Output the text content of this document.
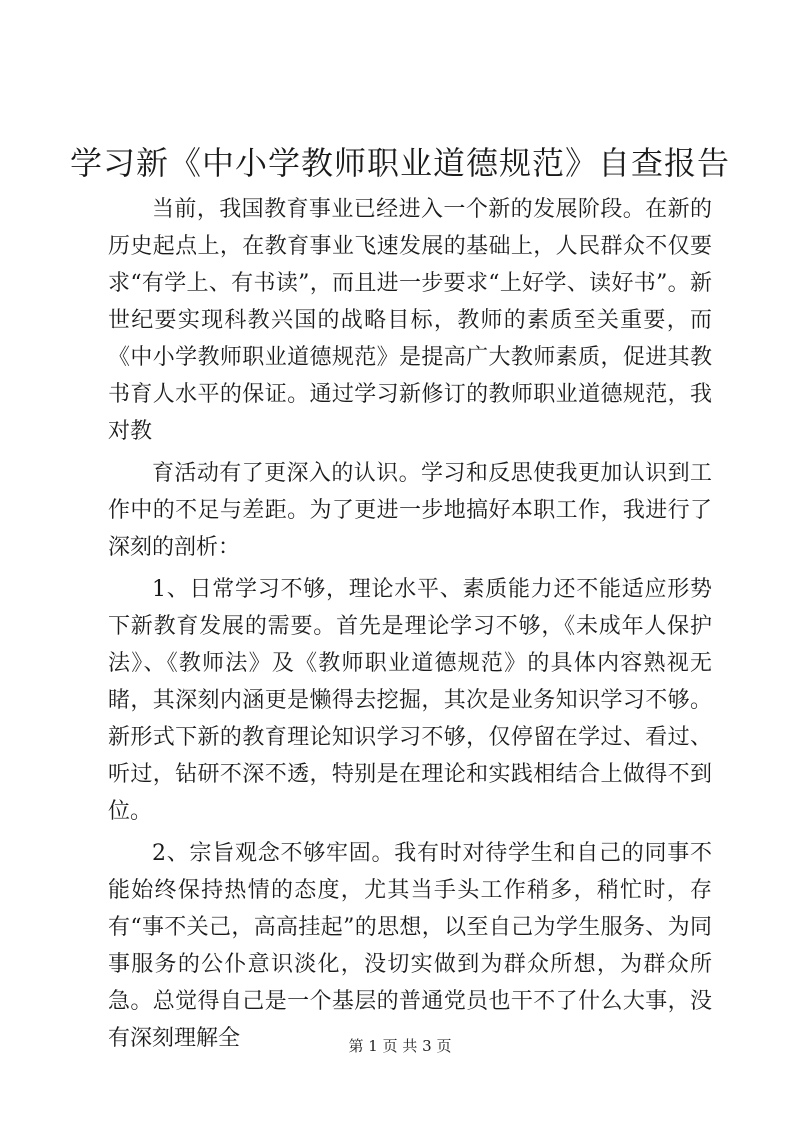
学习新《中小学教师职业道德规范》自查报告

当前，我国教育事业已经进入一个新的发展阶段。在新的历史起点上，在教育事业飞速发展的基础上，人民群众不仅要求“有学上、有书读”，而且进一步要求“上好学、读好书”。新世纪要实现科教兴国的战略目标，教师的素质至关重要，而《中小学教师职业道德规范》是提高广大教师素质，促进其教书育人水平的保证。通过学习新修订的教师职业道德规范，我对教

育活动有了更深入的认识。学习和反思使我更加认识到工作中的不足与差距。为了更进一步地搞好本职工作，我进行了深刻的剖析：

1、日常学习不够，理论水平、素质能力还不能适应形势下新教育发展的需要。首先是理论学习不够，《未成年人保护法》、《教师法》及《教师职业道德规范》的具体内容熟视无睹，其深刻内涵更是懒得去挖掘，其次是业务知识学习不够。新形式下新的教育理论知识学习不够，仅停留在学过、看过、听过，钻研不深不透，特别是在理论和实践相结合上做得不到位。

2、宗旨观念不够牢固。我有时对待学生和自己的同事不能始终保持热情的态度，尤其当手头工作稍多，稍忙时，存有“事不关己，高高挂起”的思想，以至自己为学生服务、为同事服务的公仆意识淡化，没切实做到为群众所想，为群众所急。总觉得自己是一个基层的普通党员也干不了什么大事，没有深刻理解全	第 1 页 共 3 页
